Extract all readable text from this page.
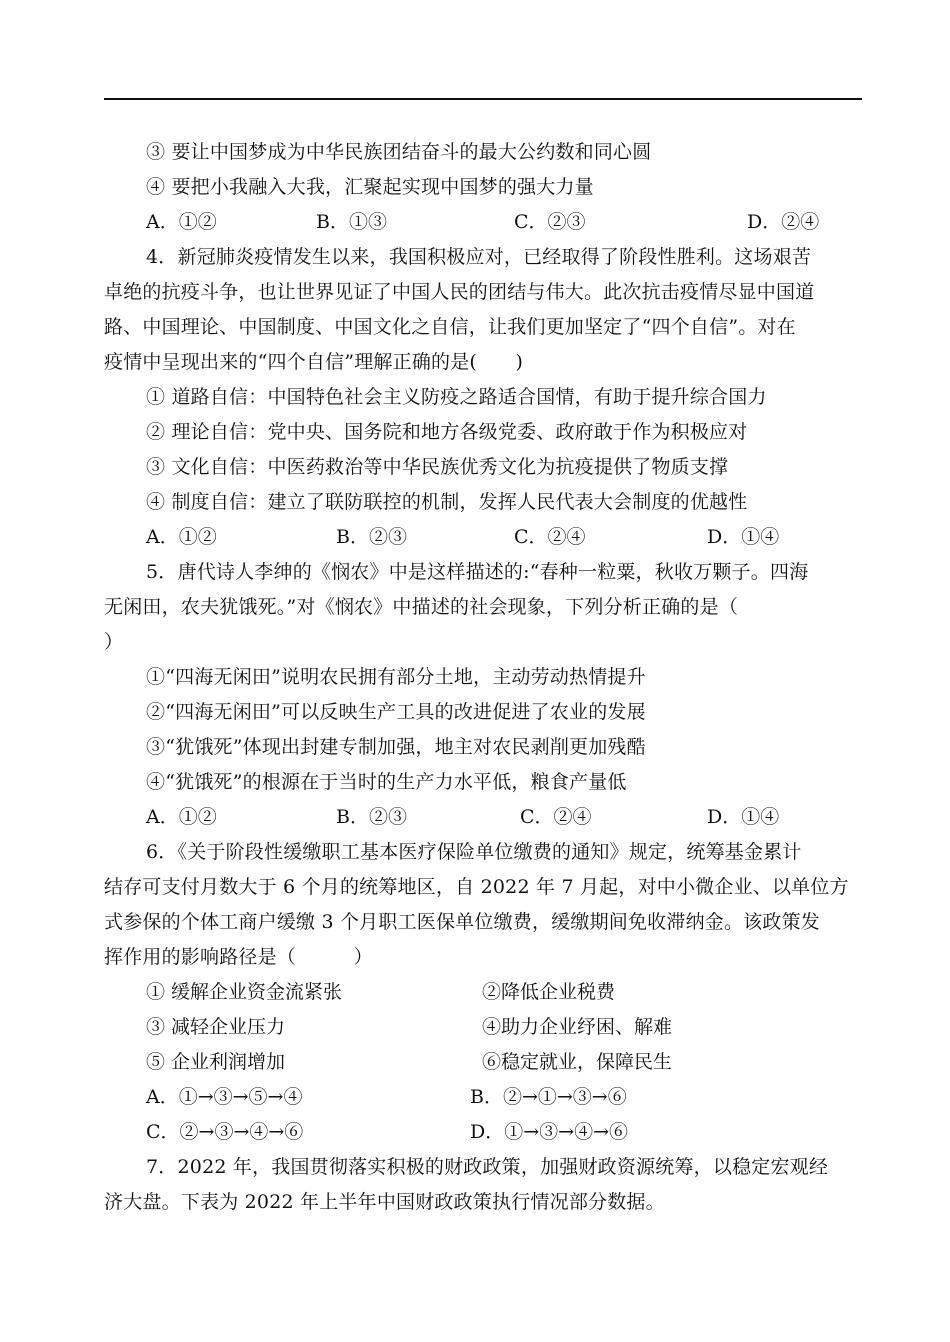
③ 要让中国梦成为中华民族团结奋斗的最大公约数和同心圆
④ 要把小我融入大我，汇聚起实现中国梦的强大力量
A．①②	B．①③	C．②③	D．②④
4．新冠肺炎疫情发生以来，我国积极应对，已经取得了阶段性胜利。这场艰苦
卓绝的抗疫斗争，也让世界见证了中国人民的团结与伟大。此次抗击疫情尽显中国道
路、中国理论、中国制度、中国文化之自信，让我们更加坚定了“四个自信”。对在
疫情中呈现出来的“四个自信”理解正确的是(　　)
① 道路自信：中国特色社会主义防疫之路适合国情，有助于提升综合国力
② 理论自信：党中央、国务院和地方各级党委、政府敢于作为积极应对
③ 文化自信：中医药救治等中华民族优秀文化为抗疫提供了物质支撑
④ 制度自信：建立了联防联控的机制，发挥人民代表大会制度的优越性
A．①②	B．②③	C．②④	D．①④
5．唐代诗人李绅的《悯农》中是这样描述的:“春种一粒粟，秋收万颗子。四海
无闲田，农夫犹饿死。”对《悯农》中描述的社会现象，下列分析正确的是（
）
①“四海无闲田”说明农民拥有部分土地，主动劳动热情提升
②“四海无闲田”可以反映生产工具的改进促进了农业的发展
③“犹饿死”体现出封建专制加强，地主对农民剥削更加残酷
④“犹饿死”的根源在于当时的生产力水平低，粮食产量低
A．①②	B．②③	C．②④	D．①④
6．《关于阶段性缓缴职工基本医疗保险单位缴费的通知》规定，统筹基金累计
结存可支付月数大于 6 个月的统筹地区，自 2022 年 7 月起，对中小微企业、以单位方
式参保的个体工商户缓缴 3 个月职工医保单位缴费，缓缴期间免收滞纳金。该政策发
挥作用的影响路径是（　　　）
① 缓解企业资金流紧张	②降低企业税费
③ 减轻企业压力	④助力企业纾困、解难
⑤ 企业利润增加	⑥稳定就业，保障民生
A．①→③→⑤→④	B．②→①→③→⑥
C．②→③→④→⑥	D．①→③→④→⑥
7．2022 年，我国贯彻落实积极的财政政策，加强财政资源统筹，以稳定宏观经
济大盘。下表为 2022 年上半年中国财政政策执行情况部分数据。
